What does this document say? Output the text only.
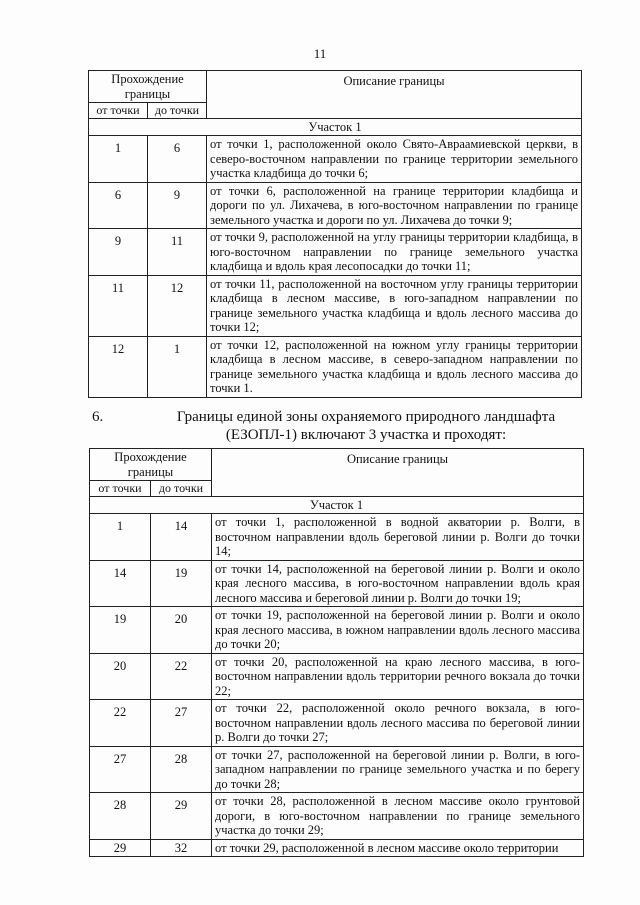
11
Прохождение границы		Описание границы
от точки	до точки	
Участок 1		
1	6	от точки 1, расположенной около Свято-Авраамиевской церкви, в северо-восточном направлении по границе территории земельного участка кладбища до точки 6;
6	9	от точки 6, расположенной на границе территории кладбища и дороги по ул. Лихачева, в юго-восточном направлении по границе земельного участка и дороги по ул. Лихачева до точки 9;
9	11	от точки 9, расположенной на углу границы территории кладбища, в юго-восточном направлении по границе земельного участка кладбища и вдоль края лесопосадки до точки 11;
11	12	от точки 11, расположенной на восточном углу границы территории кладбища в лесном массиве, в юго-западном направлении по границе земельного участка кладбища и вдоль лесного массива до точки 12;
12	1	от точки 12, расположенной на южном углу границы территории кладбища в лесном массиве, в северо-западном направлении по границе земельного участка кладбища и вдоль лесного массива до точки 1.
6.	Границы единой зоны охраняемого природного ландшафта (ЕЗОПЛ-1) включают 3 участка и проходят:
Прохождение границы		Описание границы
от точки	до точки	
Участок 1		
1	14	от точки 1, расположенной в водной акватории р. Волги, в восточном направлении вдоль береговой линии р. Волги до точки 14;
14	19	от точки 14, расположенной на береговой линии р. Волги и около края лесного массива, в юго-восточном направлении вдоль края лесного массива и береговой линии р. Волги до точки 19;
19	20	от точки 19, расположенной на береговой линии р. Волги и около края лесного массива, в южном направлении вдоль лесного массива до точки 20;
20	22	от точки 20, расположенной на краю лесного массива, в юго-восточном направлении вдоль территории речного вокзала до точки 22;
22	27	от точки 22, расположенной около речного вокзала, в юго-восточном направлении вдоль лесного массива по береговой линии р. Волги до точки 27;
27	28	от точки 27, расположенной на береговой линии р. Волги, в юго-западном направлении по границе земельного участка и по берегу до точки 28;
28	29	от точки 28, расположенной в лесном массиве около грунтовой дороги, в юго-восточном направлении по границе земельного участка до точки 29;
29	32	от точки 29, расположенной в лесном массиве около территории
